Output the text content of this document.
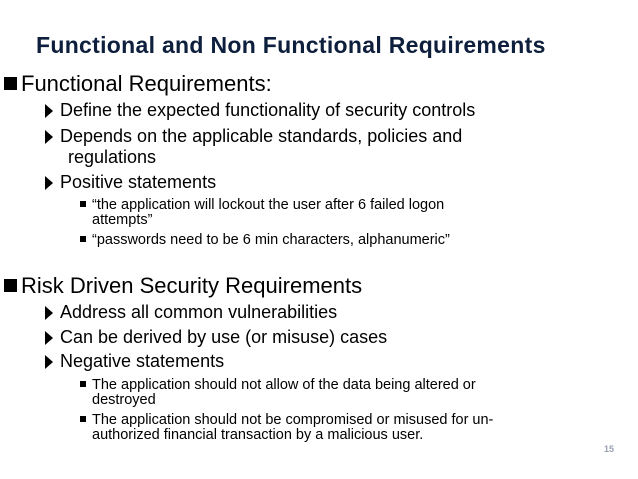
Functional and Non Functional Requirements
Functional Requirements:
Define the expected functionality of security controls
Depends on the applicable standards, policies and
regulations
Positive statements
“the application will lockout the user after 6 failed logon
attempts”
“passwords need to be 6 min characters, alphanumeric”
Risk Driven Security Requirements
Address all common vulnerabilities
Can be derived by use (or misuse) cases
Negative statements
The application should not allow of the data being altered or
destroyed
The application should not be compromised or misused for un-
authorized financial transaction by a malicious user.
15
